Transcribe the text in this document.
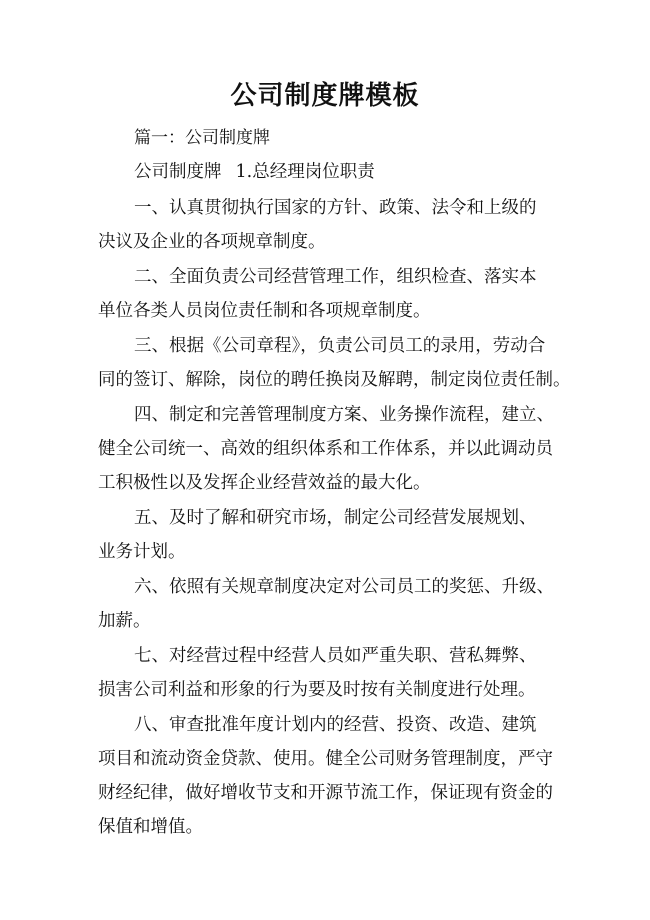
公司制度牌模板
篇一：公司制度牌
公司制度牌 1.总经理岗位职责
一、认真贯彻执行国家的方针、政策、法令和上级的
决议及企业的各项规章制度。
二、全面负责公司经营管理工作，组织检查、落实本
单位各类人员岗位责任制和各项规章制度。
三、根据《公司章程》，负责公司员工的录用，劳动合
同的签订、解除，岗位的聘任换岗及解聘，制定岗位责任制。
四、制定和完善管理制度方案、业务操作流程，建立、
健全公司统一、高效的组织体系和工作体系，并以此调动员
工积极性以及发挥企业经营效益的最大化。
五、及时了解和研究市场，制定公司经营发展规划、
业务计划。
六、依照有关规章制度决定对公司员工的奖惩、升级、
加薪。
七、对经营过程中经营人员如严重失职、营私舞弊、
损害公司利益和形象的行为要及时按有关制度进行处理。
八、审查批准年度计划内的经营、投资、改造、建筑
项目和流动资金贷款、使用。健全公司财务管理制度，严守
财经纪律，做好增收节支和开源节流工作，保证现有资金的
保值和增值。
